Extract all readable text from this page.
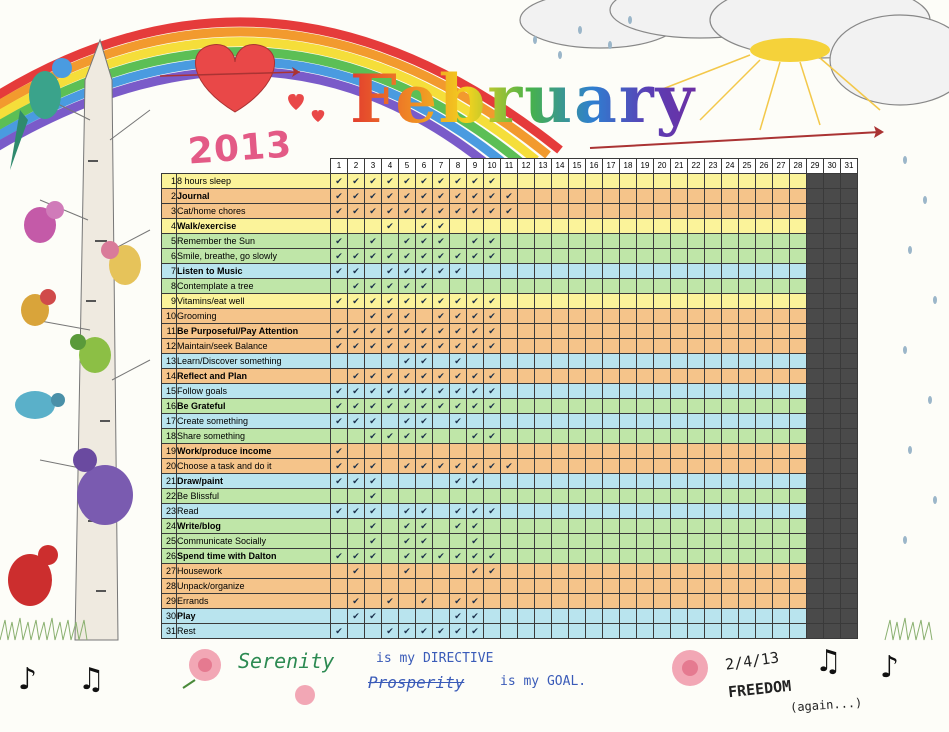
2013
February
		1	2	3	4	5	6	7	8	9	10	11	12	13	14	15	16	17	18	19	20	21	22	23	24	25	26	27	28	29	30	31
1	8 hours sleep	✔	✔	✔	✔	✔	✔	✔	✔	✔	✔																					
2	Journal	✔	✔	✔	✔	✔	✔	✔	✔	✔	✔	✔																				
3	Cat/home chores	✔	✔	✔	✔	✔	✔	✔	✔	✔	✔	✔																				
4	Walk/exercise				✔		✔	✔																								
5	Remember the Sun	✔		✔		✔	✔	✔		✔	✔																					
6	Smile, breathe, go slowly	✔	✔	✔	✔	✔	✔	✔	✔	✔	✔																					
7	Listen to Music	✔	✔		✔	✔	✔	✔	✔																							
8	Contemplate a tree		✔	✔	✔	✔	✔																									
9	Vitamins/eat well	✔	✔	✔	✔	✔	✔	✔	✔	✔	✔																					
10	Grooming			✔	✔	✔		✔	✔	✔	✔																					
11	Be Purposeful/Pay Attention	✔	✔	✔	✔	✔	✔	✔	✔	✔	✔																					
12	Maintain/seek Balance	✔	✔	✔	✔	✔	✔	✔	✔	✔	✔																					
13	Learn/Discover something					✔	✔		✔																							
14	Reflect and Plan		✔	✔	✔	✔	✔	✔	✔	✔	✔																					
15	Follow goals	✔	✔	✔	✔	✔	✔	✔	✔	✔	✔																					
16	Be Grateful	✔	✔	✔	✔	✔	✔	✔	✔	✔	✔																					
17	Create something	✔	✔	✔		✔	✔		✔																							
18	Share something			✔	✔	✔	✔			✔	✔																					
19	Work/produce income	✔																														
20	Choose a task and do it	✔	✔	✔		✔	✔	✔	✔	✔	✔	✔																				
21	Draw/paint	✔	✔	✔					✔	✔																						
22	Be Blissful			✔																												
23	Read	✔	✔	✔		✔	✔		✔	✔	✔																					
24	Write/blog			✔		✔	✔		✔	✔																						
25	Communicate Socially			✔		✔	✔			✔																						
26	Spend time with Dalton	✔	✔	✔		✔	✔	✔	✔	✔	✔																					
27	Housework		✔			✔				✔	✔																					
28	Unpack/organize																															
29	Errands		✔		✔		✔		✔	✔																						
30	Play		✔	✔					✔	✔																						
31	Rest	✔			✔	✔	✔	✔	✔	✔																						
♪ ♫
♫ ♪
Serenity	is my DIRECTIVE
Prosperity	is my GOAL.
2/4/13
FREEDOM
(again...)
